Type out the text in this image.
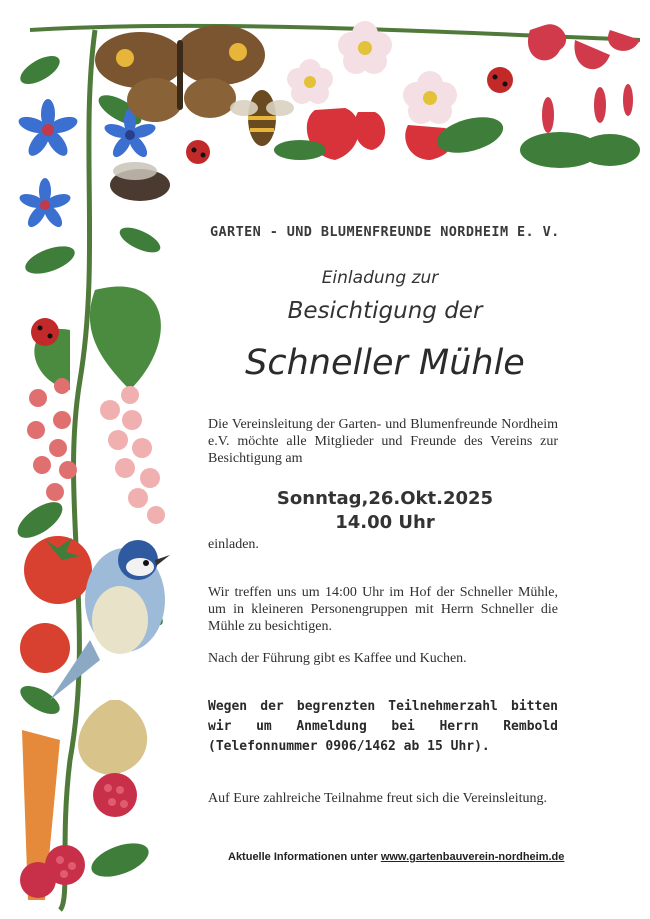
GARTEN - UND BLUMENFREUNDE NORDHEIM E. V.
Einladung zur
Besichtigung der
Schneller Mühle
Die Vereinsleitung der Garten- und Blumenfreunde Nordheim e.V. möchte alle Mitglieder und Freunde des Vereins zur Besichtigung am
Sonntag,26.Okt.2025
14.00 Uhr
einladen.
Wir treffen uns um 14:00 Uhr im Hof der Schneller Mühle, um in kleineren Personengruppen mit Herrn Schneller die Mühle zu besichtigen.
Nach der Führung gibt es Kaffee und Kuchen.
Wegen der begrenzten Teilnehmerzahl bitten wir um Anmeldung bei Herrn Rembold (Telefonnummer 0906/1462 ab 15 Uhr).
Auf Eure zahlreiche Teilnahme freut sich die Vereinsleitung.
Aktuelle Informationen unter www.gartenbauverein-nordheim.de
